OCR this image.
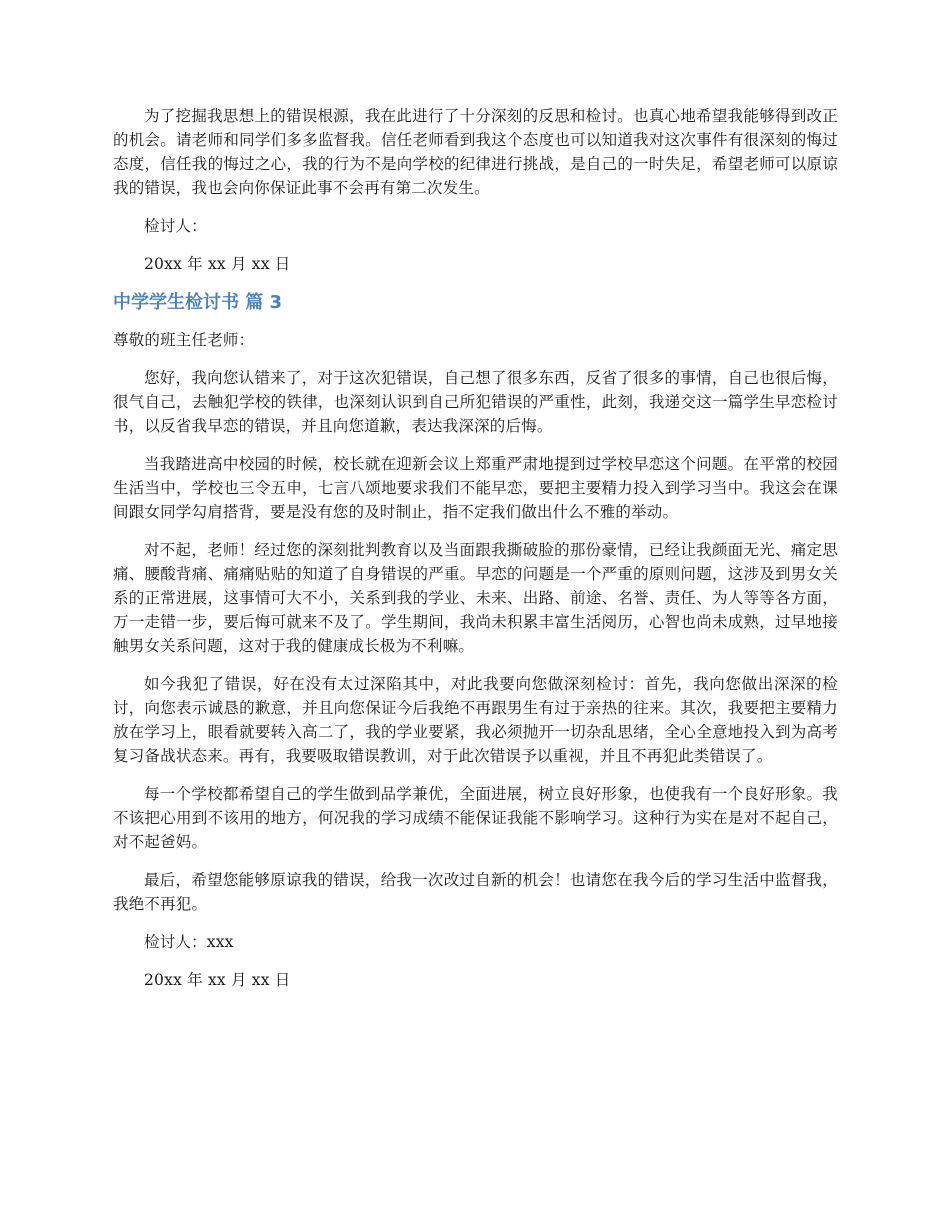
为了挖掘我思想上的错误根源，我在此进行了十分深刻的反思和检讨。也真心地希望我能够得到改正的机会。请老师和同学们多多监督我。信任老师看到我这个态度也可以知道我对这次事件有很深刻的悔过态度，信任我的悔过之心，我的行为不是向学校的纪律进行挑战，是自己的一时失足，希望老师可以原谅我的错误，我也会向你保证此事不会再有第二次发生。

检讨人：

20xx 年 xx 月 xx 日

中学学生检讨书 篇 3

尊敬的班主任老师：

您好，我向您认错来了，对于这次犯错误，自己想了很多东西，反省了很多的事情，自己也很后悔，很气自己，去触犯学校的铁律，也深刻认识到自己所犯错误的严重性，此刻，我递交这一篇学生早恋检讨书，以反省我早恋的错误，并且向您道歉，表达我深深的后悔。

当我踏进高中校园的时候，校长就在迎新会议上郑重严肃地提到过学校早恋这个问题。在平常的校园生活当中，学校也三令五申，七言八颂地要求我们不能早恋，要把主要精力投入到学习当中。我这会在课间跟女同学勾肩搭背，要是没有您的及时制止，指不定我们做出什么不雅的举动。

对不起，老师！经过您的深刻批判教育以及当面跟我撕破脸的那份豪情，已经让我颜面无光、痛定思痛、腰酸背痛、痛痛贴贴的知道了自身错误的严重。早恋的问题是一个严重的原则问题，这涉及到男女关系的正常进展，这事情可大不小，关系到我的学业、未来、出路、前途、名誉、责任、为人等等各方面，万一走错一步，要后悔可就来不及了。学生期间，我尚未积累丰富生活阅历，心智也尚未成熟，过早地接触男女关系问题，这对于我的健康成长极为不利嘛。

如今我犯了错误，好在没有太过深陷其中，对此我要向您做深刻检讨：首先，我向您做出深深的检讨，向您表示诚恳的歉意，并且向您保证今后我绝不再跟男生有过于亲热的往来。其次，我要把主要精力放在学习上，眼看就要转入高二了，我的学业要紧，我必须抛开一切杂乱思绪，全心全意地投入到为高考复习备战状态来。再有，我要吸取错误教训，对于此次错误予以重视，并且不再犯此类错误了。

每一个学校都希望自己的学生做到品学兼优，全面进展，树立良好形象，也使我有一个良好形象。我不该把心用到不该用的地方，何况我的学习成绩不能保证我能不影响学习。这种行为实在是对不起自己，对不起爸妈。

最后，希望您能够原谅我的错误，给我一次改过自新的机会！也请您在我今后的学习生活中监督我，我绝不再犯。

检讨人：xxx

20xx 年 xx 月 xx 日
